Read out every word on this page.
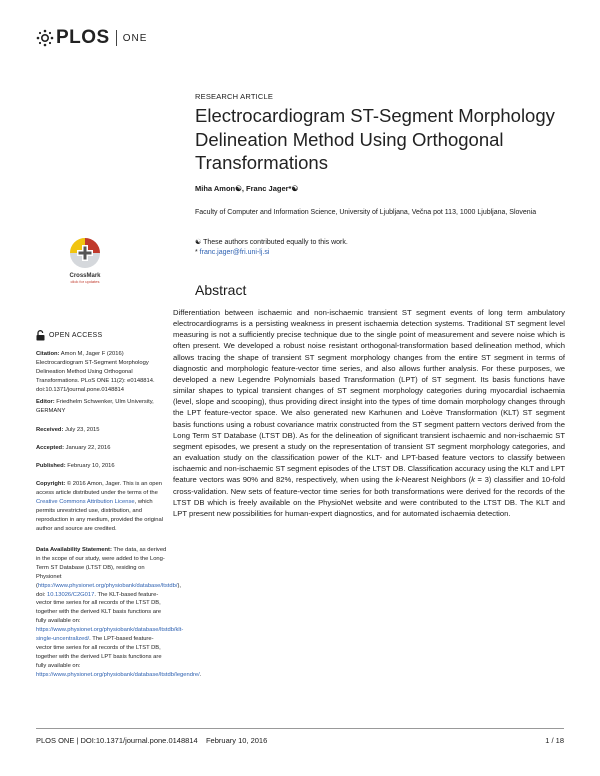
PLOS ONE
RESEARCH ARTICLE
Electrocardiogram ST-Segment Morphology Delineation Method Using Orthogonal Transformations
Miha Amon☯, Franc Jager*☯
Faculty of Computer and Information Science, University of Ljubljana, Večna pot 113, 1000 Ljubljana, Slovenia
☯ These authors contributed equally to this work.
* franc.jager@fri.uni-lj.si
CrossMark
click for updates
OPEN ACCESS
Citation: Amon M, Jager F (2016) Electrocardiogram ST-Segment Morphology Delineation Method Using Orthogonal Transformations. PLoS ONE 11(2): e0148814. doi:10.1371/journal.pone.0148814
Editor: Friedhelm Schwenker, Ulm University, GERMANY
Received: July 23, 2015
Accepted: January 22, 2016
Published: February 10, 2016
Copyright: © 2016 Amon, Jager. This is an open access article distributed under the terms of the Creative Commons Attribution License, which permits unrestricted use, distribution, and reproduction in any medium, provided the original author and source are credited.
Data Availability Statement: The data, as derived in the scope of our study, were added to the Long-Term ST Database (LTST DB), residing on Physionet (https://www.physionet.org/physiobank/database/ltstdb/), doi: 10.13026/C2G017. The KLT-based feature-vector time series for all records of the LTST DB, together with the derived KLT basis functions are fully available on: https://www.physionet.org/physiobank/database/ltstdb/klt-single-uncentralized/. The LPT-based feature-vector time series for all records of the LTST DB, together with the derived LPT basis functions are fully available on: https://www.physionet.org/physiobank/database/ltstdb/legendre/.
Abstract
Differentiation between ischaemic and non-ischaemic transient ST segment events of long term ambulatory electrocardiograms is a persisting weakness in present ischaemia detection systems. Traditional ST segment level measuring is not a sufficiently precise technique due to the single point of measurement and severe noise which is often present. We developed a robust noise resistant orthogonal-transformation based delineation method, which allows tracing the shape of transient ST segment morphology changes from the entire ST segment in terms of diagnostic and morphologic feature-vector time series, and also allows further analysis. For these purposes, we developed a new Legendre Polynomials based Transformation (LPT) of ST segment. Its basis functions have similar shapes to typical transient changes of ST segment morphology categories during myocardial ischaemia (level, slope and scooping), thus providing direct insight into the types of time domain morphology changes through the LPT feature-vector space. We also generated new Karhunen and Loève Transformation (KLT) ST segment basis functions using a robust covariance matrix constructed from the ST segment pattern vectors derived from the Long Term ST Database (LTST DB). As for the delineation of significant transient ischaemic and non-ischaemic ST segment episodes, we present a study on the representation of transient ST segment morphology categories, and an evaluation study on the classification power of the KLT- and LPT-based feature vectors to classify between ischaemic and non-ischaemic ST segment episodes of the LTST DB. Classification accuracy using the KLT and LPT feature vectors was 90% and 82%, respectively, when using the k-Nearest Neighbors (k = 3) classifier and 10-fold cross-validation. New sets of feature-vector time series for both transformations were derived for the records of the LTST DB which is freely available on the PhysioNet website and were contributed to the LTST DB. The KLT and LPT present new possibilities for human-expert diagnostics, and for automated ischaemia detection.
PLOS ONE | DOI:10.1371/journal.pone.0148814    February 10, 2016	1 / 18
